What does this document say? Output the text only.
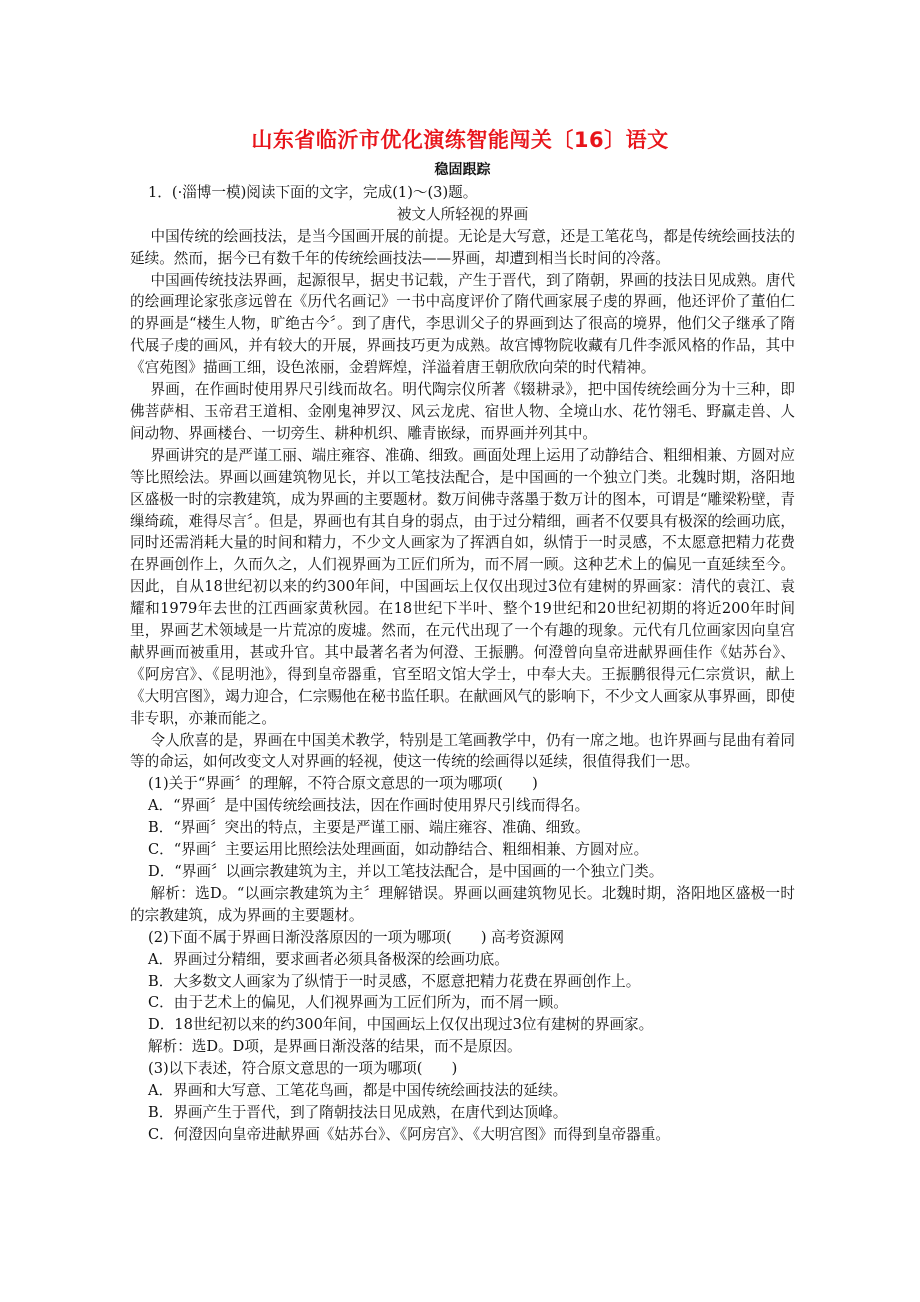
山东省临沂市优化演练智能闯关〔16〕语文

稳固跟踪

1．(·淄博一模)阅读下面的文字，完成(1)～(3)题。

被文人所轻视的界画

中国传统的绘画技法，是当今国画开展的前提。无论是大写意，还是工笔花鸟，都是传统绘画技法的延续。然而，据今已有数千年的传统绘画技法——界画，却遭到相当长时间的冷落。

中国画传统技法界画，起源很早，据史书记载，产生于晋代，到了隋朝，界画的技法日见成熟。唐代的绘画理论家张彦远曾在《历代名画记》一书中高度评价了隋代画家展子虔的界画，他还评价了董伯仁的界画是“楼生人物，旷绝古今〞。到了唐代，李思训父子的界画到达了很高的境界，他们父子继承了隋代展子虔的画风，并有较大的开展，界画技巧更为成熟。故宫博物院收藏有几件李派风格的作品，其中《宫苑图》描画工细，设色浓丽，金碧辉煌，洋溢着唐王朝欣欣向荣的时代精神。

界画，在作画时使用界尺引线而故名。明代陶宗仪所著《辍耕录》，把中国传统绘画分为十三种，即佛菩萨相、玉帝君王道相、金刚鬼神罗汉、风云龙虎、宿世人物、全境山水、花竹翎毛、野赢走兽、人间动物、界画楼台、一切旁生、耕种机织、雕青嵌绿，而界画并列其中。

界画讲究的是严谨工丽、端庄雍容、准确、细致。画面处理上运用了动静结合、粗细相兼、方圆对应等比照绘法。界画以画建筑物见长，并以工笔技法配合，是中国画的一个独立门类。北魏时期，洛阳地区盛极一时的宗教建筑，成为界画的主要题材。数万间佛寺落墨于数万计的图本，可谓是“雕梁粉壁，青缫绮疏，难得尽言〞。但是，界画也有其自身的弱点，由于过分精细，画者不仅要具有极深的绘画功底，同时还需消耗大量的时间和精力，不少文人画家为了挥洒自如，纵情于一时灵感，不太愿意把精力花费在界画创作上，久而久之，人们视界画为工匠们所为，而不屑一顾。这种艺术上的偏见一直延续至今。因此，自从18世纪初以来的约300年间，中国画坛上仅仅出现过3位有建树的界画家：清代的袁江、袁耀和1979年去世的江西画家黄秋园。在18世纪下半叶、整个19世纪和20世纪初期的将近200年时间里，界画艺术领域是一片荒凉的废墟。然而，在元代出现了一个有趣的现象。元代有几位画家因向皇宫献界画而被重用，甚或升官。其中最著名者为何澄、王振鹏。何澄曾向皇帝进献界画佳作《姑苏台》、《阿房宫》、《昆明池》，得到皇帝器重，官至昭文馆大学士，中奉大夫。王振鹏很得元仁宗赏识，献上《大明宫图》，竭力迎合，仁宗赐他在秘书监任职。在献画风气的影响下，不少文人画家从事界画，即使非专职，亦兼而能之。

令人欣喜的是，界画在中国美术教学，特别是工笔画教学中，仍有一席之地。也许界画与昆曲有着同等的命运，如何改变文人对界画的轻视，使这一传统的绘画得以延续，很值得我们一思。

(1)关于“界画〞的理解，不符合原文意思的一项为哪项(　　)

A．“界画〞是中国传统绘画技法，因在作画时使用界尺引线而得名。

B．“界画〞突出的特点，主要是严谨工丽、端庄雍容、准确、细致。

C．“界画〞主要运用比照绘法处理画面，如动静结合、粗细相兼、方圆对应。

D．“界画〞以画宗教建筑为主，并以工笔技法配合，是中国画的一个独立门类。

解析：选D。“以画宗教建筑为主〞理解错误。界画以画建筑物见长。北魏时期，洛阳地区盛极一时的宗教建筑，成为界画的主要题材。

(2)下面不属于界画日渐没落原因的一项为哪项(　　) 高考资源网

A．界画过分精细，要求画者必须具备极深的绘画功底。

B．大多数文人画家为了纵情于一时灵感，不愿意把精力花费在界画创作上。

C．由于艺术上的偏见，人们视界画为工匠们所为，而不屑一顾。

D．18世纪初以来的约300年间，中国画坛上仅仅出现过3位有建树的界画家。

解析：选D。D项，是界画日渐没落的结果，而不是原因。

(3)以下表述，符合原文意思的一项为哪项(　　)

A．界画和大写意、工笔花鸟画，都是中国传统绘画技法的延续。

B．界画产生于晋代，到了隋朝技法日见成熟，在唐代到达顶峰。

C．何澄因向皇帝进献界画《姑苏台》、《阿房宫》、《大明宫图》而得到皇帝器重。
